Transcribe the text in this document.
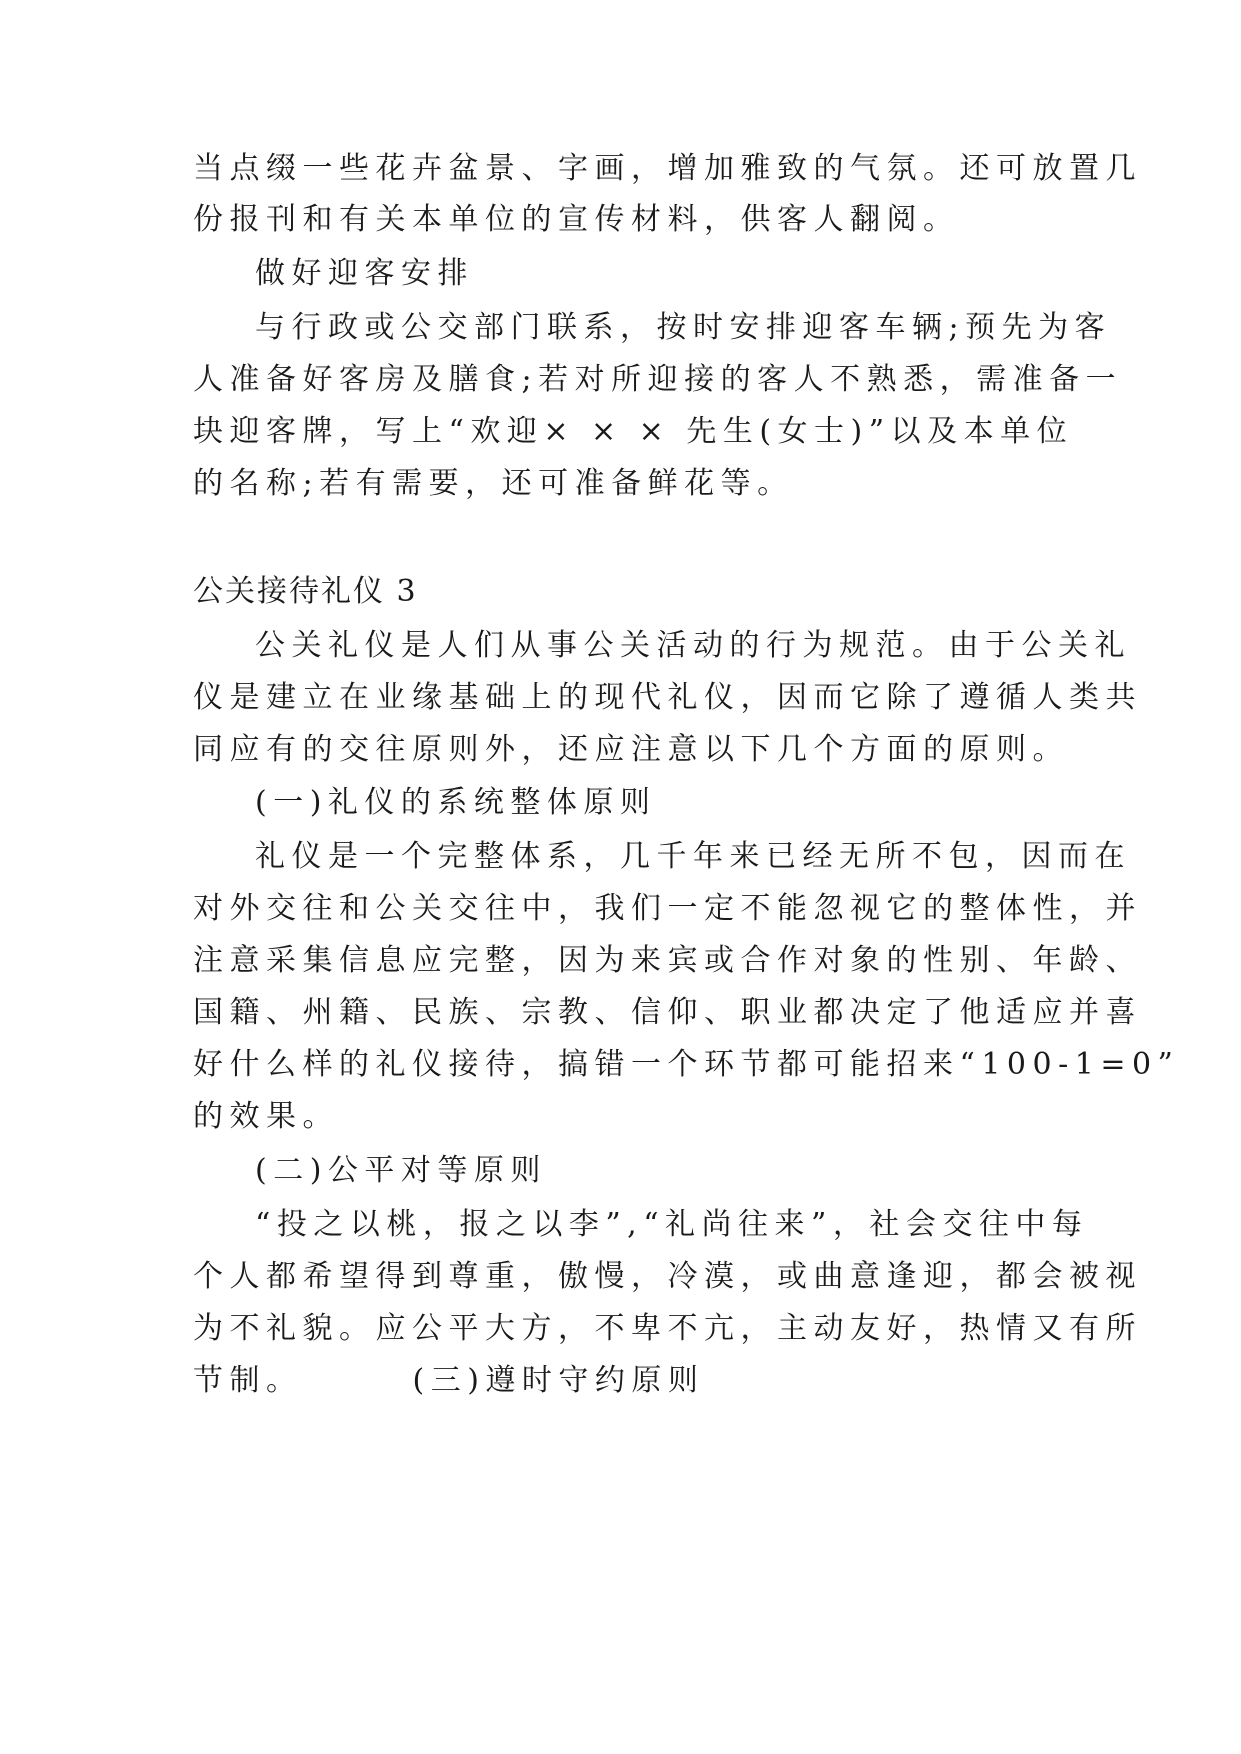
当点缀一些花卉盆景、字画，增加雅致的气氛。还可放置几
份报刊和有关本单位的宣传材料，供客人翻阅。
做好迎客安排
与行政或公交部门联系，按时安排迎客车辆;预先为客
人准备好客房及膳食;若对所迎接的客人不熟悉，需准备一
块迎客牌，写上“欢迎× × × 先生(女士)”以及本单位
的名称;若有需要，还可准备鲜花等。
公关接待礼仪 3
公关礼仪是人们从事公关活动的行为规范。由于公关礼
仪是建立在业缘基础上的现代礼仪，因而它除了遵循人类共
同应有的交往原则外，还应注意以下几个方面的原则。
(一)礼仪的系统整体原则
礼仪是一个完整体系，几千年来已经无所不包，因而在
对外交往和公关交往中，我们一定不能忽视它的整体性，并
注意采集信息应完整，因为来宾或合作对象的性别、年龄、
国籍、州籍、民族、宗教、信仰、职业都决定了他适应并喜
好什么样的礼仪接待，搞错一个环节都可能招来“100-1=0”
的效果。
(二)公平对等原则
“投之以桃，报之以李”,“礼尚往来”，社会交往中每
个人都希望得到尊重，傲慢，冷漠，或曲意逢迎，都会被视
为不礼貌。应公平大方，不卑不亢，主动友好，热情又有所
节制。	(三)遵时守约原则
